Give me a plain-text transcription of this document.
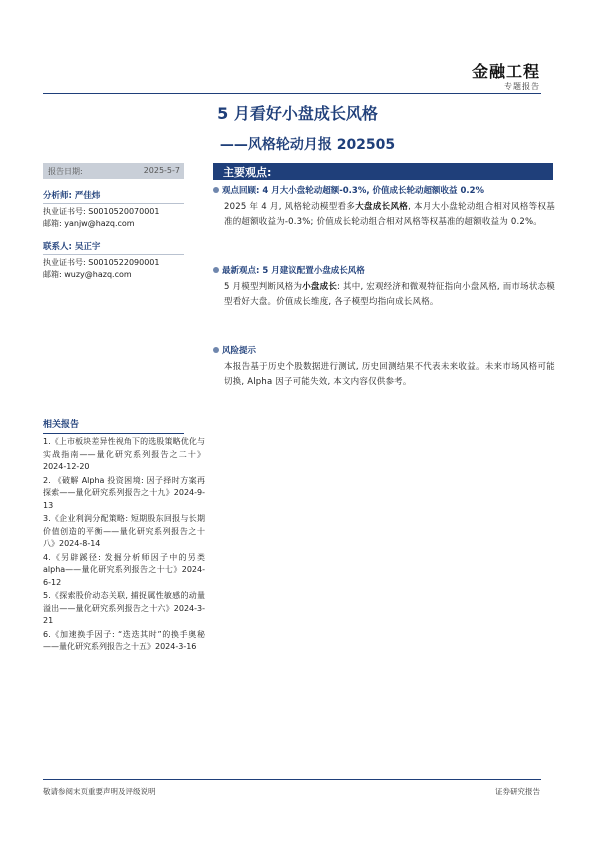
金融工程
专题报告
5 月看好小盘成长风格
——风格轮动月报 202505
报告日期:	2025-5-7
分析师: 严佳炜
执业证书号: S0010520070001
邮箱: yanjw@hazq.com
联系人: 吴正宇
执业证书号: S0010522090001
邮箱: wuzy@hazq.com
相关报告
1.《上市板块差异性视角下的选股策略优化与实战指南——量化研究系列报告之二十》2024-12-20
2. 《破解 Alpha 投资困境: 因子择时方案再探索——量化研究系列报告之十九》2024-9-13
3.《企业利润分配策略: 短期股东回报与长期价值创造的平衡——量化研究系列报告之十八》2024-8-14
4.《另辟蹊径: 发掘分析师因子中的另类 alpha——量化研究系列报告之十七》2024-6-12
5.《探索股价动态关联, 捕捉属性敏感的动量溢出——量化研究系列报告之十六》2024-3-21
6.《加速换手因子: “迭迭其时”的换手奥秘——量化研究系列报告之十五》2024-3-16
主要观点:
观点回顾: 4 月大小盘轮动超额-0.3%, 价值成长轮动超额收益 0.2%
2025 年 4 月, 风格轮动模型看多大盘成长风格, 本月大小盘轮动组合相对风格等权基准的超额收益为-0.3%; 价值成长轮动组合相对风格等权基准的超额收益为 0.2%。
最新观点: 5 月建议配置小盘成长风格
5 月模型判断风格为小盘成长: 其中, 宏观经济和微观特征指向小盘风格, 而市场状态模型看好大盘。价值成长维度, 各子模型均指向成长风格。
风险提示
本报告基于历史个股数据进行测试, 历史回测结果不代表未来收益。未来市场风格可能切换, Alpha 因子可能失效, 本文内容仅供参考。
敬请参阅末页重要声明及评级说明	证券研究报告
